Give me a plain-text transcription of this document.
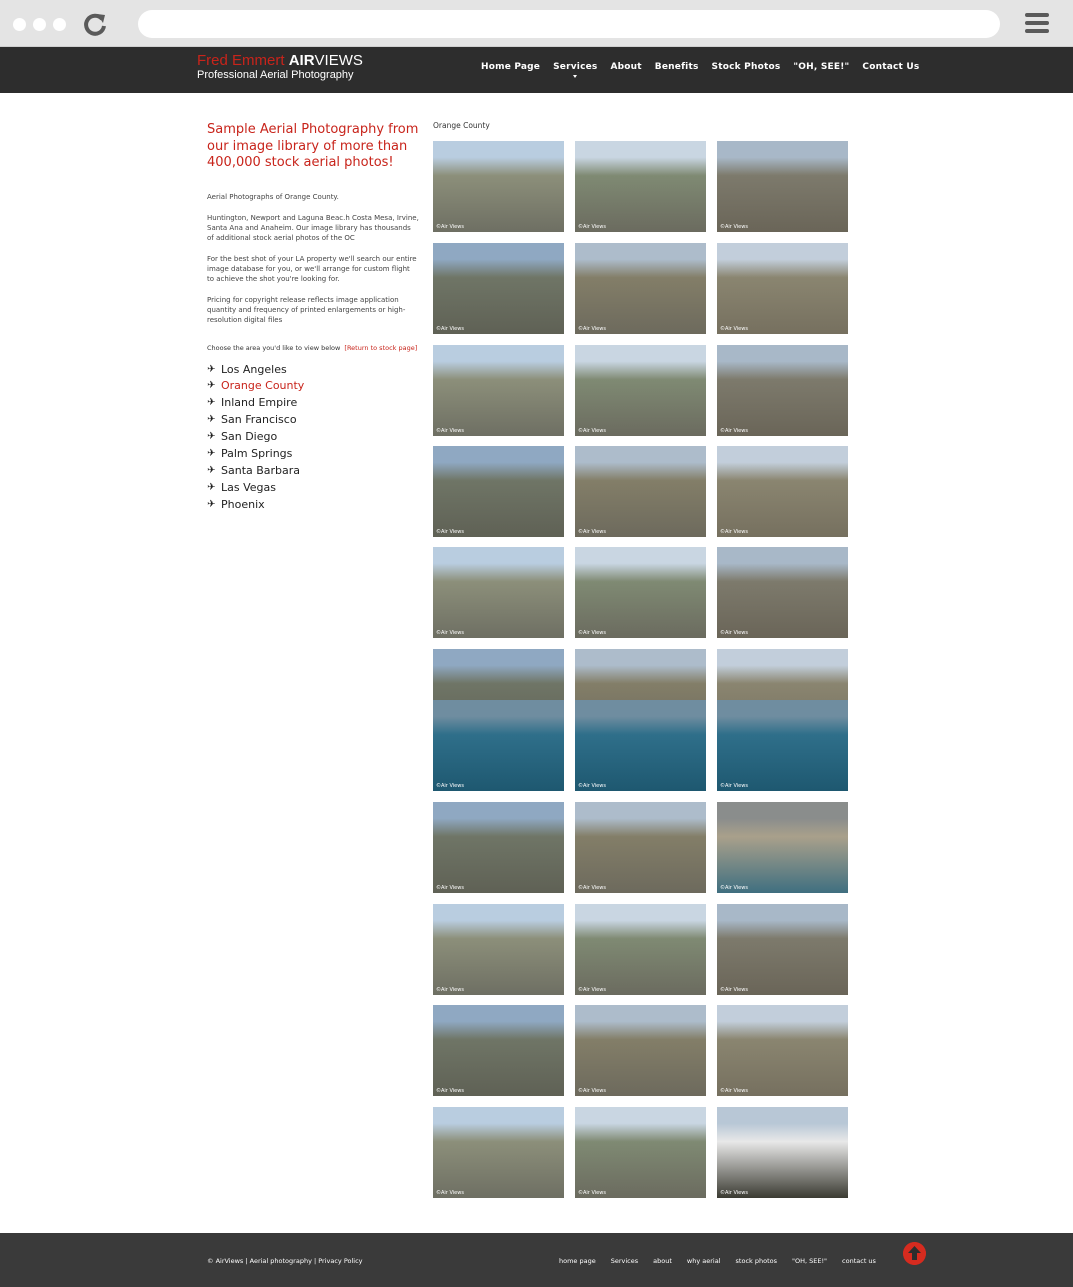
Fred Emmert AIRVIEWS
Professional Aerial Photography
Home Page Services About Benefits Stock Photos "OH, SEE!" Contact Us
Sample Aerial Photography from our image library of more than 400,000 stock aerial photos!

Aerial Photographs of Orange County.

Huntington, Newport and Laguna Beac.h Costa Mesa, Irvine, Santa Ana and Anaheim. Our image library has thousands of additional stock aerial photos of the OC

For the best shot of your LA property we'll search our entire image database for you, or we'll arrange for custom flight to achieve the shot you're looking for.

Pricing for copyright release reflects image application quantity and frequency of printed enlargements or high-resolution digital files

Choose the area you'd like to view below [Return to stock page]

✈ Los Angeles
✈ Orange County
✈ Inland Empire
✈ San Francisco
✈ San Diego
✈ Palm Springs
✈ Santa Barbara
✈ Las Vegas
✈ Phoenix
Orange County
©Air Views	©Air Views	©Air Views
©Air Views	©Air Views	©Air Views
©Air Views	©Air Views	©Air Views
©Air Views	©Air Views	©Air Views
©Air Views	©Air Views	©Air Views
©Air Views	©Air Views	©Air Views
©Air Views	©Air Views	©Air Views
©Air Views	©Air Views	©Air Views
©Air Views	©Air Views	©Air Views
©Air Views	©Air Views	©Air Views
© AirViews | Aerial photography | Privacy Policy	home page Services about why aerial stock photos "OH, SEE!" contact us
